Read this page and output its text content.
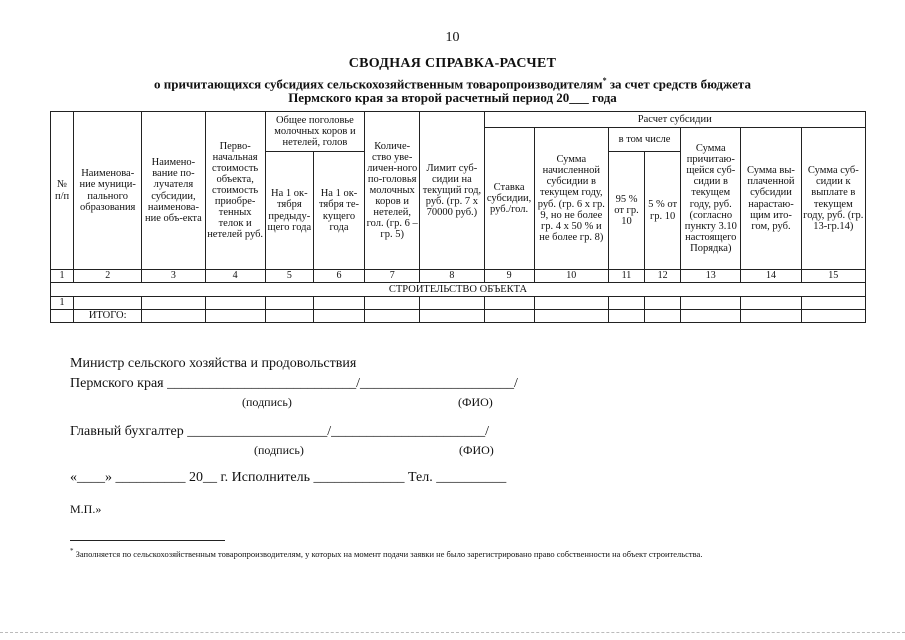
10
СВОДНАЯ СПРАВКА-РАСЧЕТ
о причитающихся субсидиях сельскохозяйственным товаропроизводителям* за счет средств бюджета
Пермского края за второй расчетный период 20___ года
№ п/п	Наименова-ние муници-пального образования	Наимено-вание по-лучателя субсидии, наименова-ние объ-екта	Перво-начальная стоимость объекта, стоимость приобре-тенных телок и нетелей руб.	Общее поголовье молочных коров и нетелей, голов		Количе-ство уве-личен-ного по-головья молочных коров и нетелей, гол. (гр. 6 – гр. 5)	Лимит суб-сидии на текущий год, руб. (гр. 7 х 70000 руб.)	Расчет субсидии						
								Ставка субсидии, руб./гол.	Сумма начисленной субсидии в текущем году, руб. (гр. 6 х гр. 9, но не более гр. 4 х 50 % и не более гр. 8)	в том числе		Сумма причитаю-щейся суб-сидии в текущем году, руб. (согласно пункту 3.10 настоящего Порядка)	Сумма вы-плаченной субсидии нарастаю-щим ито-гом, руб.	Сумма суб-сидии к выплате в текущем году, руб. (гр. 13-гр.14)
				На 1 ок-тября предыду-щего года	На 1 ок-тября те-кущего года					95 % от гр. 10	5 % от гр. 10			
1	2	3	4	5	6	7	8	9	10	11	12	13	14	15
СТРОИТЕЛЬСТВО ОБЪЕКТА														
1														
	ИТОГО:													
Министр сельского хозяйства и продовольствия
Пермского края ___________________________/______________________/
(подпись)	(ФИО)
Главный бухгалтер ____________________/______________________/
(подпись)	(ФИО)
«____» __________ 20__ г. Исполнитель _____________ Тел. __________
М.П.»
* Заполняется по сельскохозяйственным товаропроизводителям, у которых на момент подачи заявки не было зарегистрировано право собственности на объект строительства.
